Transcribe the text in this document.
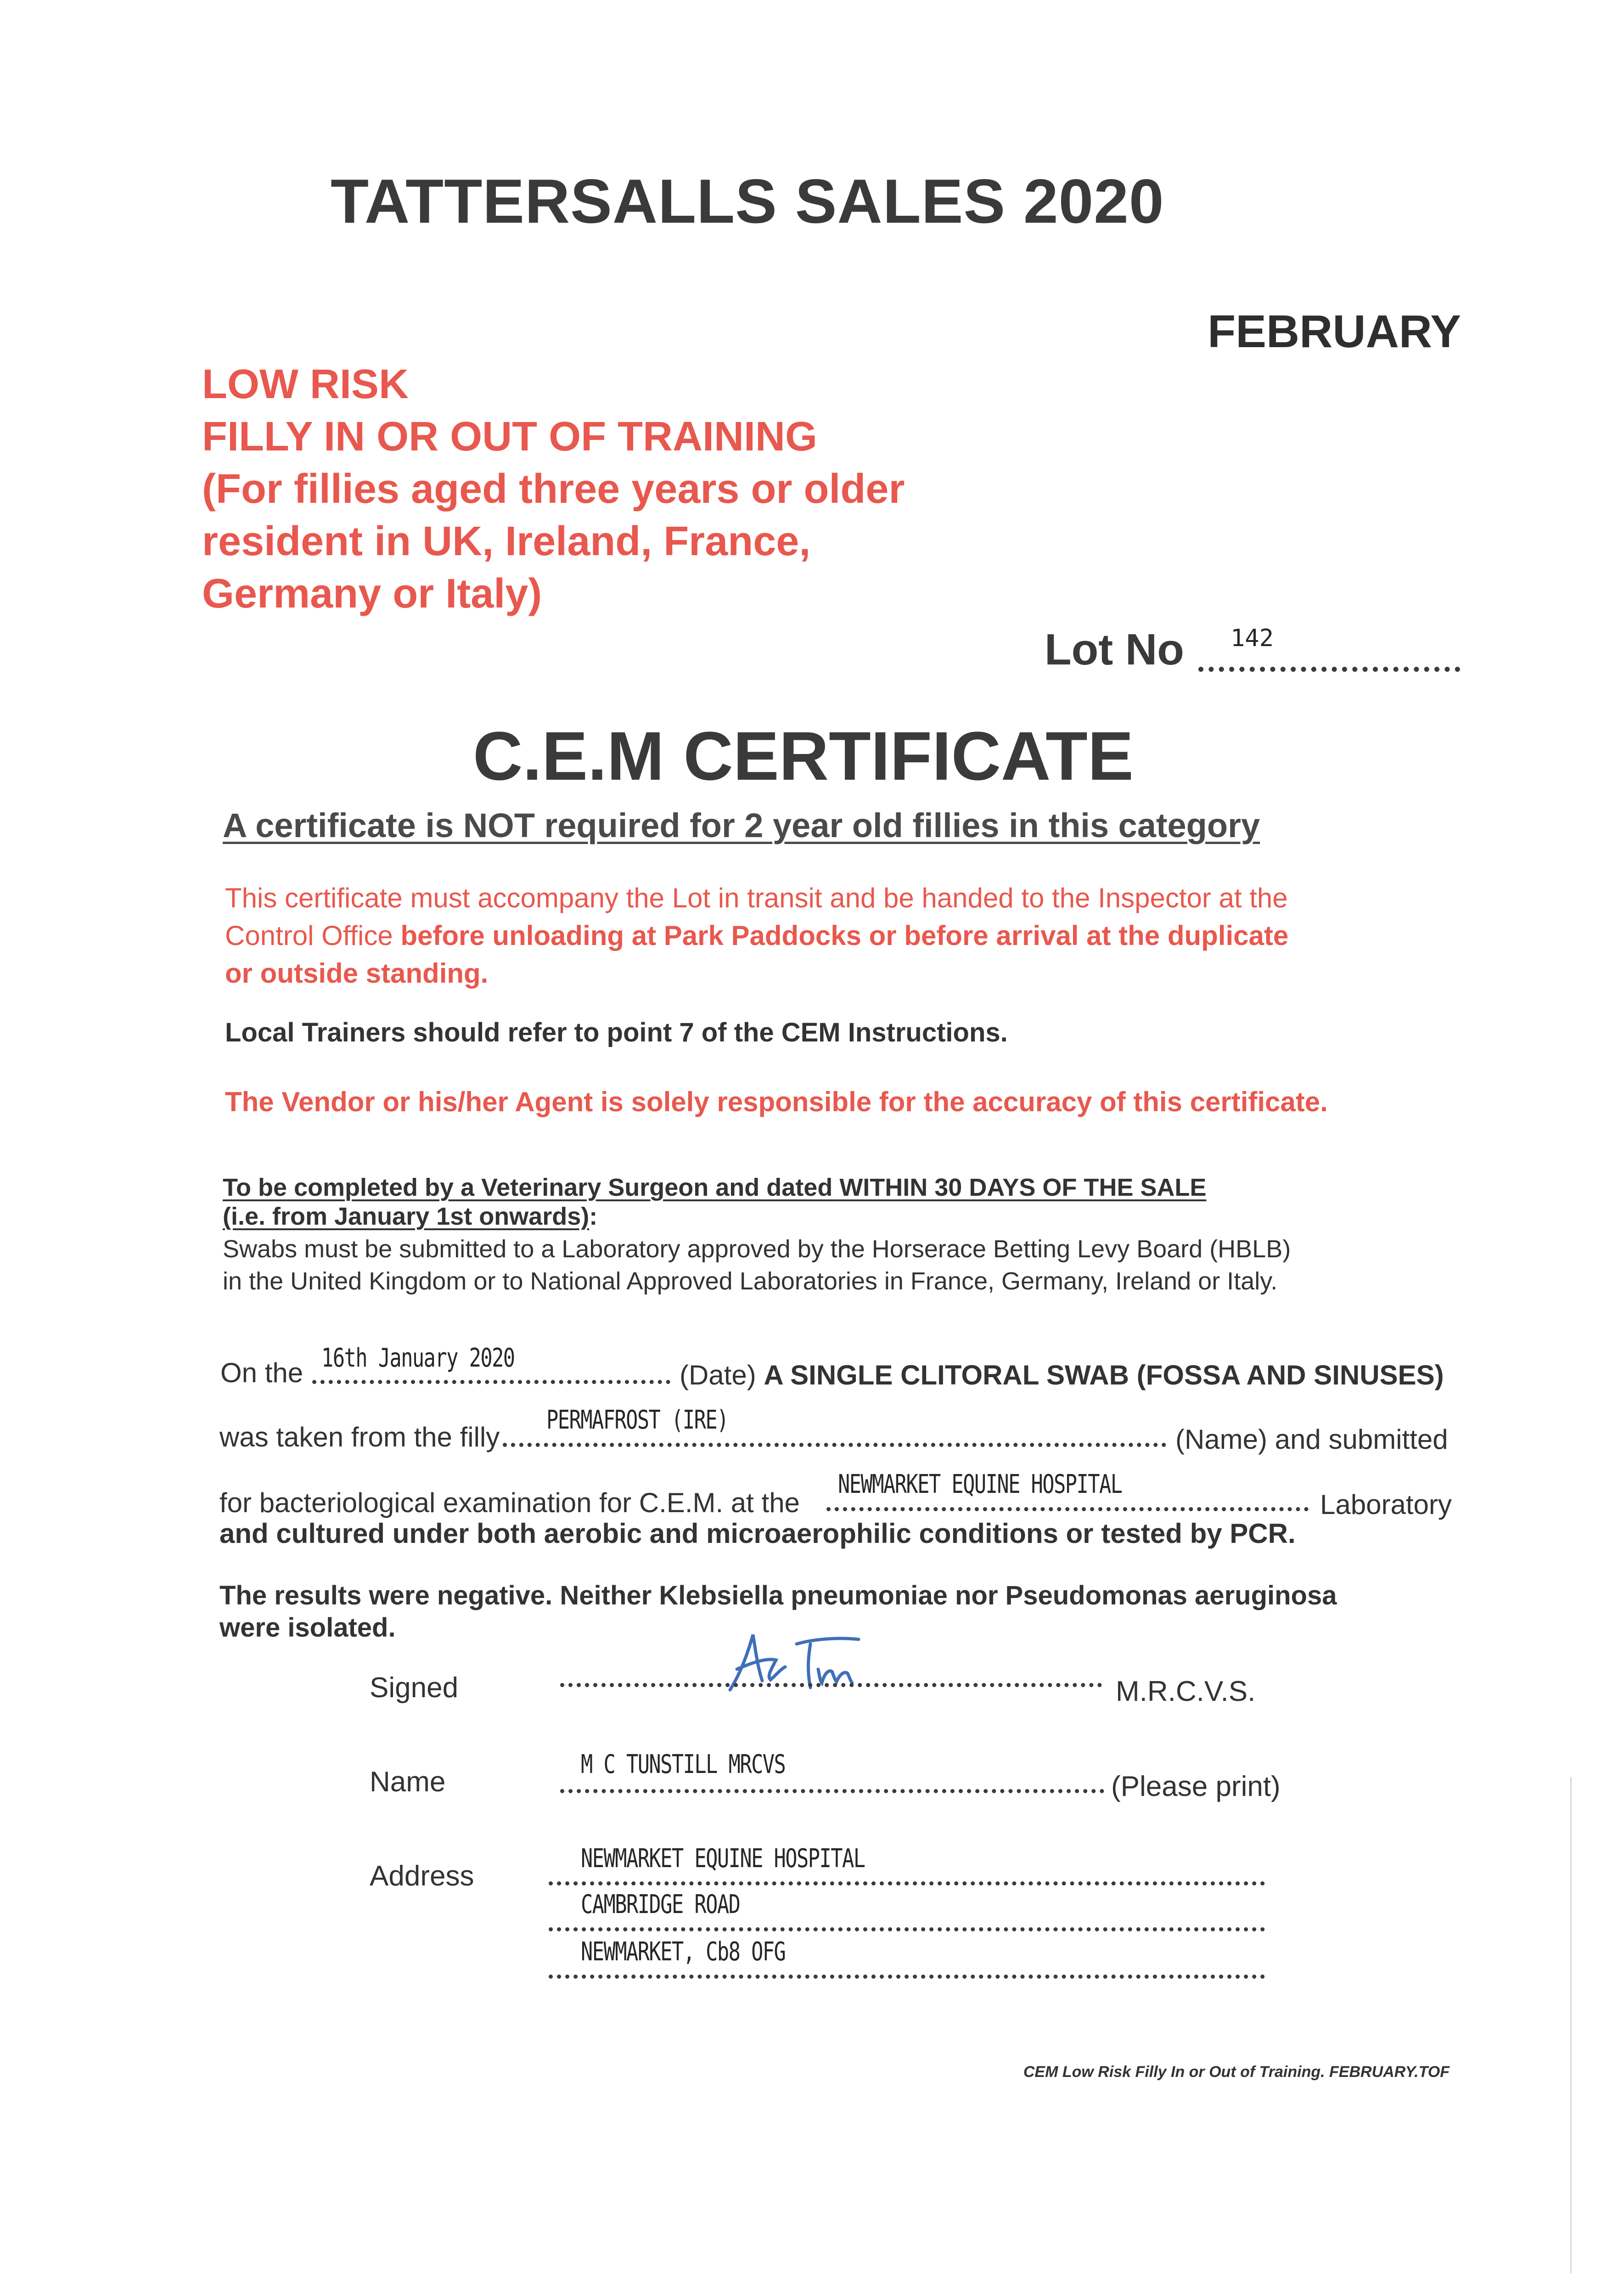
TATTERSALLS SALES 2020
FEBRUARY
LOW RISK
FILLY IN OR OUT OF TRAINING
(For fillies aged three years or older
resident in UK, Ireland, France,
Germany or Italy)
Lot No 142
C.E.M CERTIFICATE
A certificate is NOT required for 2 year old fillies in this category
This certificate must accompany the Lot in transit and be handed to the Inspector at the
Control Office before unloading at Park Paddocks or before arrival at the duplicate
or outside standing.
Local Trainers should refer to point 7 of the CEM Instructions.
The Vendor or his/her Agent is solely responsible for the accuracy of this certificate.
To be completed by a Veterinary Surgeon and dated WITHIN 30 DAYS OF THE SALE
(i.e. from January 1st onwards):
Swabs must be submitted to a Laboratory approved by the Horserace Betting Levy Board (HBLB)
in the United Kingdom or to National Approved Laboratories in France, Germany, Ireland or Italy.
On the 16th January 2020
(Date) A SINGLE CLITORAL SWAB (FOSSA AND SINUSES)
was taken from the filly
PERMAFROST (IRE)
(Name) and submitted
for bacteriological examination for C.E.M. at the
NEWMARKET EQUINE HOSPITAL
Laboratory
and cultured under both aerobic and microaerophilic conditions or tested by PCR.
The results were negative. Neither Klebsiella pneumoniae nor Pseudomonas aeruginosa
were isolated.
Signed	M.R.C.V.S.
Name
M C TUNSTILL MRCVS
(Please print)
Address
NEWMARKET EQUINE HOSPITAL
CAMBRIDGE ROAD
NEWMARKET, Cb8 OFG
CEM Low Risk Filly In or Out of Training. FEBRUARY.TOF
